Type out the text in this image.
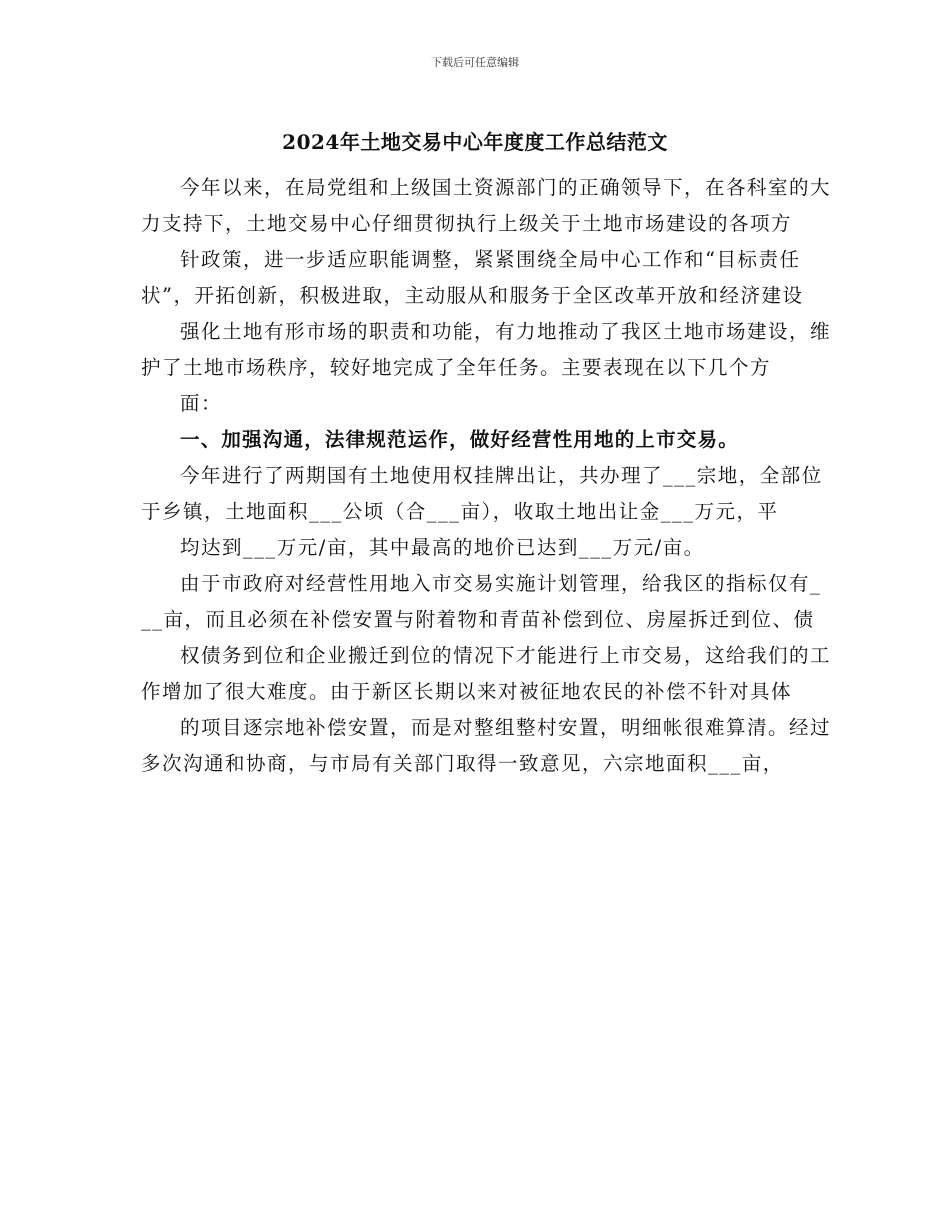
下载后可任意编辑
2024年土地交易中心年度度工作总结范文

今年以来，在局党组和上级国土资源部门的正确领导下，在各科室的大力支持下，土地交易中心仔细贯彻执行上级关于土地市场建设的各项方

针政策，进一步适应职能调整，紧紧围绕全局中心工作和“目标责任状”，开拓创新，积极进取，主动服从和服务于全区改革开放和经济建设

强化土地有形市场的职责和功能，有力地推动了我区土地市场建设，维护了土地市场秩序，较好地完成了全年任务。主要表现在以下几个方

面：

一、加强沟通，法律规范运作，做好经营性用地的上市交易。

今年进行了两期国有土地使用权挂牌出让，共办理了___宗地，全部位于乡镇，土地面积___公顷（合___亩），收取土地出让金___万元，平

均达到___万元/亩，其中最高的地价已达到___万元/亩。

由于市政府对经营性用地入市交易实施计划管理，给我区的指标仅有___亩，而且必须在补偿安置与附着物和青苗补偿到位、房屋拆迁到位、债

权债务到位和企业搬迁到位的情况下才能进行上市交易，这给我们的工作增加了很大难度。由于新区长期以来对被征地农民的补偿不针对具体

的项目逐宗地补偿安置，而是对整组整村安置，明细帐很难算清。经过多次沟通和协商，与市局有关部门取得一致意见，六宗地面积___亩，
